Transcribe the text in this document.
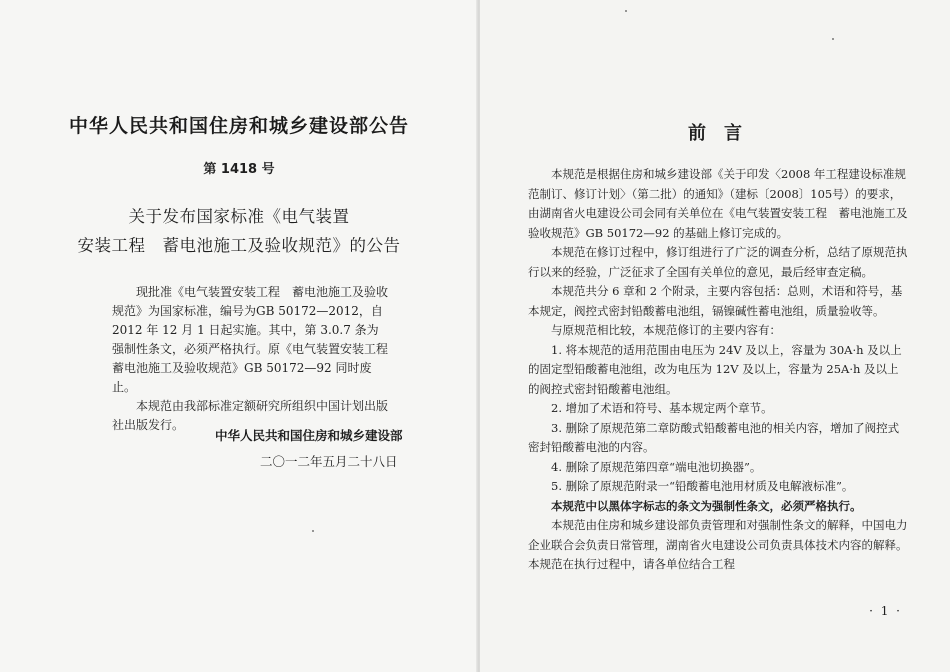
中华人民共和国住房和城乡建设部公告
第 1418 号
关于发布国家标准《电气装置
安装工程　蓄电池施工及验收规范》的公告

现批准《电气装置安装工程　蓄电池施工及验收规范》为国家标准，编号为GB 50172—2012，自 2012 年 12 月 1 日起实施。其中，第 3.0.7 条为强制性条文，必须严格执行。原《电气装置安装工程　蓄电池施工及验收规范》GB 50172—92 同时废止。

本规范由我部标准定额研究所组织中国计划出版社出版发行。

中华人民共和国住房和城乡建设部
二〇一二年五月二十八日
前　言

本规范是根据住房和城乡建设部《关于印发〈2008 年工程建设标准规范制订、修订计划〉（第二批）的通知》（建标〔2008〕105号）的要求，由湖南省火电建设公司会同有关单位在《电气装置安装工程　蓄电池施工及验收规范》GB 50172—92 的基础上修订完成的。

本规范在修订过程中，修订组进行了广泛的调查分析，总结了原规范执行以来的经验，广泛征求了全国有关单位的意见，最后经审查定稿。

本规范共分 6 章和 2 个附录，主要内容包括：总则，术语和符号，基本规定，阀控式密封铅酸蓄电池组，镉镍碱性蓄电池组，质量验收等。

与原规范相比较，本规范修订的主要内容有：

1. 将本规范的适用范围由电压为 24V 及以上，容量为 30A·h 及以上的固定型铅酸蓄电池组，改为电压为 12V 及以上，容量为 25A·h 及以上的阀控式密封铅酸蓄电池组。

2. 增加了术语和符号、基本规定两个章节。

3. 删除了原规范第二章防酸式铅酸蓄电池的相关内容，增加了阀控式密封铅酸蓄电池的内容。

4. 删除了原规范第四章“端电池切换器”。

5. 删除了原规范附录一“铅酸蓄电池用材质及电解液标准”。

本规范中以黑体字标志的条文为强制性条文，必须严格执行。

本规范由住房和城乡建设部负责管理和对强制性条文的解释，中国电力企业联合会负责日常管理，湖南省火电建设公司负责具体技术内容的解释。本规范在执行过程中，请各单位结合工程

· 1 ·
